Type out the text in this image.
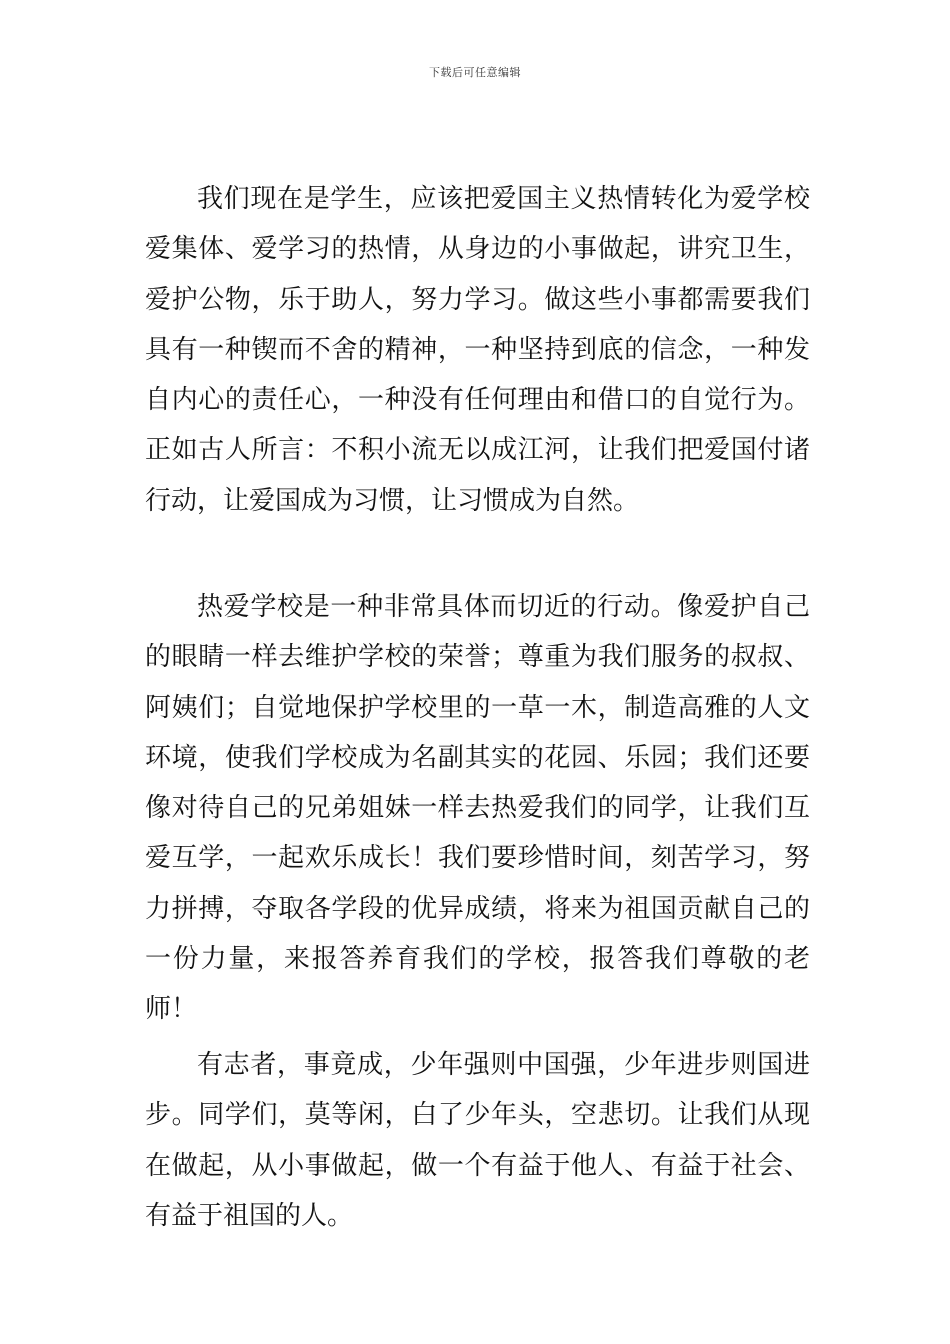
下载后可任意编辑

我们现在是学生，应该把爱国主义热情转化为爱学校爱集体、爱学习的热情，从身边的小事做起，讲究卫生，爱护公物，乐于助人，努力学习。做这些小事都需要我们具有一种锲而不舍的精神，一种坚持到底的信念，一种发自内心的责任心，一种没有任何理由和借口的自觉行为。正如古人所言：不积小流无以成江河，让我们把爱国付诸行动，让爱国成为习惯，让习惯成为自然。

热爱学校是一种非常具体而切近的行动。像爱护自己的眼睛一样去维护学校的荣誉；尊重为我们服务的叔叔、阿姨们；自觉地保护学校里的一草一木，制造高雅的人文环境，使我们学校成为名副其实的花园、乐园；我们还要像对待自己的兄弟姐妹一样去热爱我们的同学，让我们互爱互学，一起欢乐成长！我们要珍惜时间，刻苦学习，努力拼搏，夺取各学段的优异成绩，将来为祖国贡献自己的一份力量，来报答养育我们的学校，报答我们尊敬的老师！

有志者，事竟成，少年强则中国强，少年进步则国进步。同学们，莫等闲，白了少年头，空悲切。让我们从现在做起，从小事做起，做一个有益于他人、有益于社会、有益于祖国的人。
